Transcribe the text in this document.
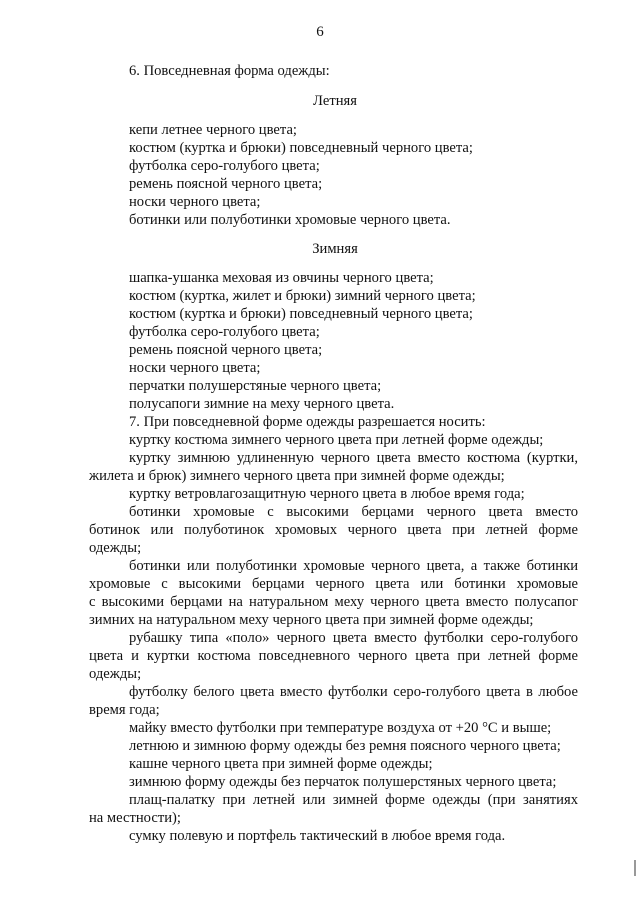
6
6. Повседневная форма одежды:
Летняя
кепи летнее черного цвета;
костюм (куртка и брюки) повседневный черного цвета;
футболка серо-голубого цвета;
ремень поясной черного цвета;
носки черного цвета;
ботинки или полуботинки хромовые черного цвета.
Зимняя
шапка-ушанка меховая из овчины черного цвета;
костюм (куртка, жилет и брюки) зимний черного цвета;
костюм (куртка и брюки) повседневный черного цвета;
футболка серо-голубого цвета;
ремень поясной черного цвета;
носки черного цвета;
перчатки полушерстяные черного цвета;
полусапоги зимние на меху черного цвета.
7. При повседневной форме одежды разрешается носить:
куртку костюма зимнего черного цвета при летней форме одежды;
куртку зимнюю удлиненную черного цвета вместо костюма (куртки,
жилета и брюк) зимнего черного цвета при зимней форме одежды;
куртку ветровлагозащитную черного цвета в любое время года;
ботинки хромовые с высокими берцами черного цвета вместо
ботинок или полуботинок хромовых черного цвета при летней форме
одежды;
ботинки или полуботинки хромовые черного цвета, а также ботинки
хромовые с высокими берцами черного цвета или ботинки хромовые
с высокими берцами на натуральном меху черного цвета вместо полусапог
зимних на натуральном меху черного цвета при зимней форме одежды;
рубашку типа «поло» черного цвета вместо футболки серо-голубого
цвета и куртки костюма повседневного черного цвета при летней форме
одежды;
футболку белого цвета вместо футболки серо-голубого цвета в любое
время года;
майку вместо футболки при температуре воздуха от +20 °С и выше;
летнюю и зимнюю форму одежды без ремня поясного черного цвета;
кашне черного цвета при зимней форме одежды;
зимнюю форму одежды без перчаток полушерстяных черного цвета;
плащ-палатку при летней или зимней форме одежды (при занятиях
на местности);
сумку полевую и портфель тактический в любое время года.
